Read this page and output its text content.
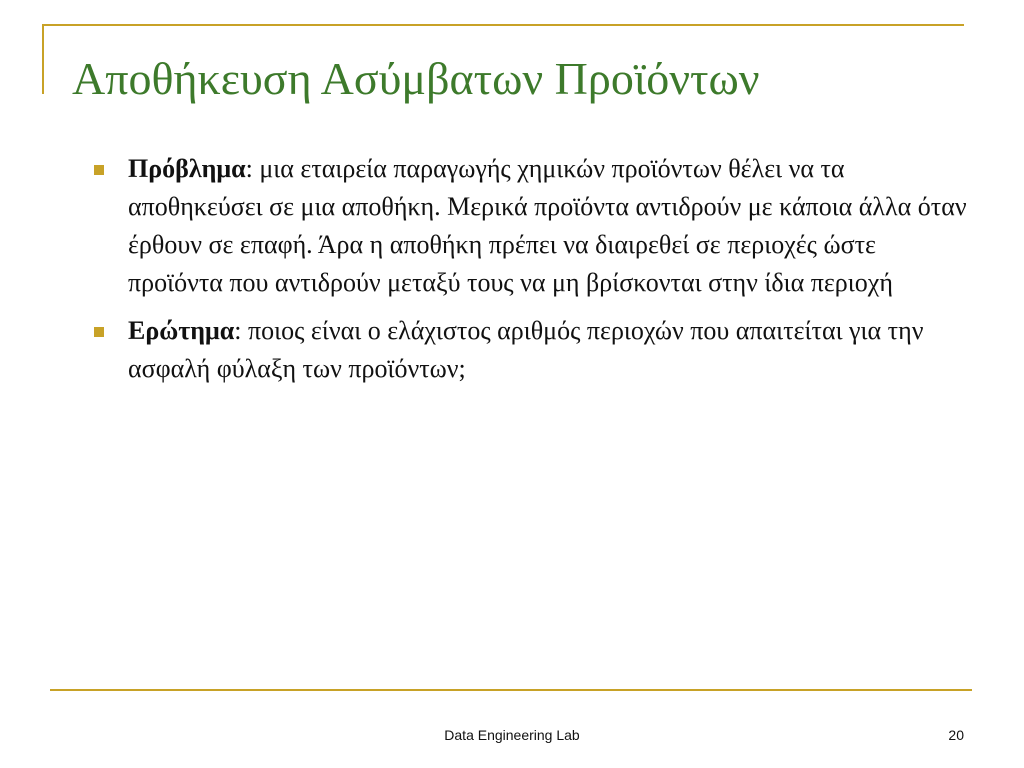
Αποθήκευση Ασύμβατων Προϊόντων
Πρόβλημα: μια εταιρεία παραγωγής χημικών προϊόντων θέλει να τα αποθηκεύσει σε μια αποθήκη. Μερικά προϊόντα αντιδρούν με κάποια άλλα όταν έρθουν σε επαφή. Άρα η αποθήκη πρέπει να διαιρεθεί σε περιοχές ώστε προϊόντα που αντιδρούν μεταξύ τους να μη βρίσκονται στην ίδια περιοχή
Ερώτημα: ποιος είναι ο ελάχιστος αριθμός περιοχών που απαιτείται για την ασφαλή φύλαξη των προϊόντων;
Data Engineering Lab	20
